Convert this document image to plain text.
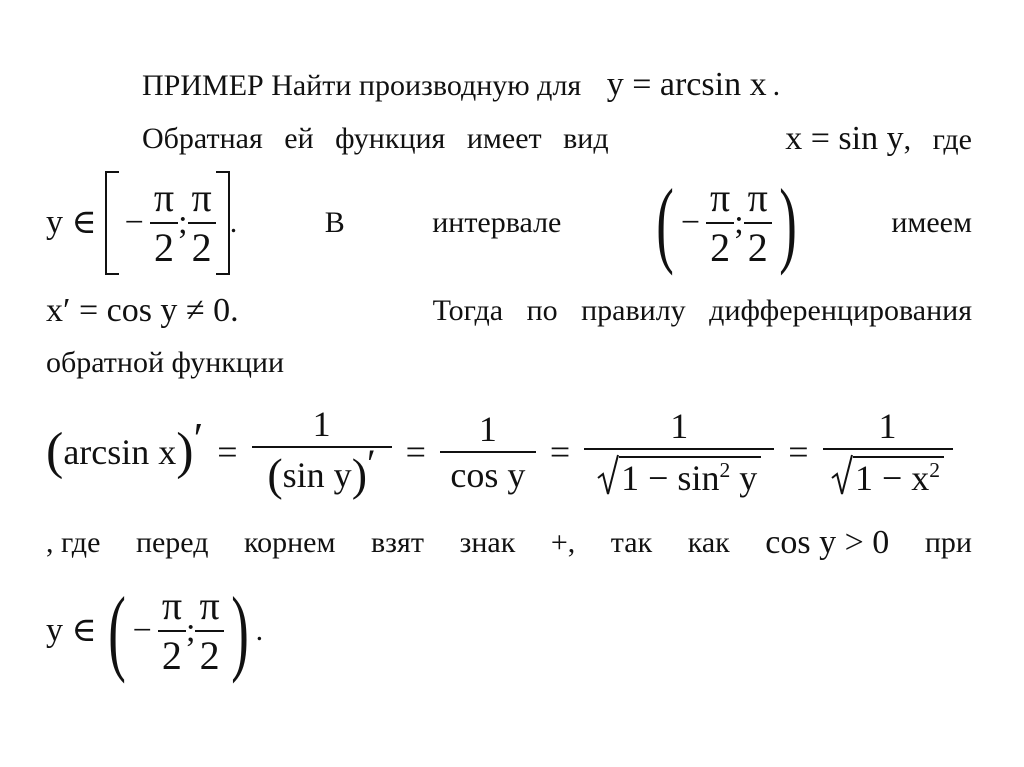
ПРИМЕР Найти производную для y = arcsin x .
Обратная ей функция имеет вид	x = sin y, где
y ∈ − $\frac{\pi}{2}$ ; $\frac{\pi}{2}$ .	В	интервале ( − $\frac{\pi}{2}$ ; $\frac{\pi}{2}$ )	имеем
x′ = cos y ≠ 0.	Тогда по правилу дифференцирования
обратной функции
( arcsin x ) ′ = $\frac{1}{\text{( sin y ) ′}} = \frac{1}{\text{cos y}} = \frac{1}{1 - \sin^2 y} = \frac{1}{1 - x^2}$
, где перед корнем взят знак +, так как cos y > 0 при
y ∈ ( − $\frac{\pi}{2}$ ; $\frac{\pi}{2}$ ) .
